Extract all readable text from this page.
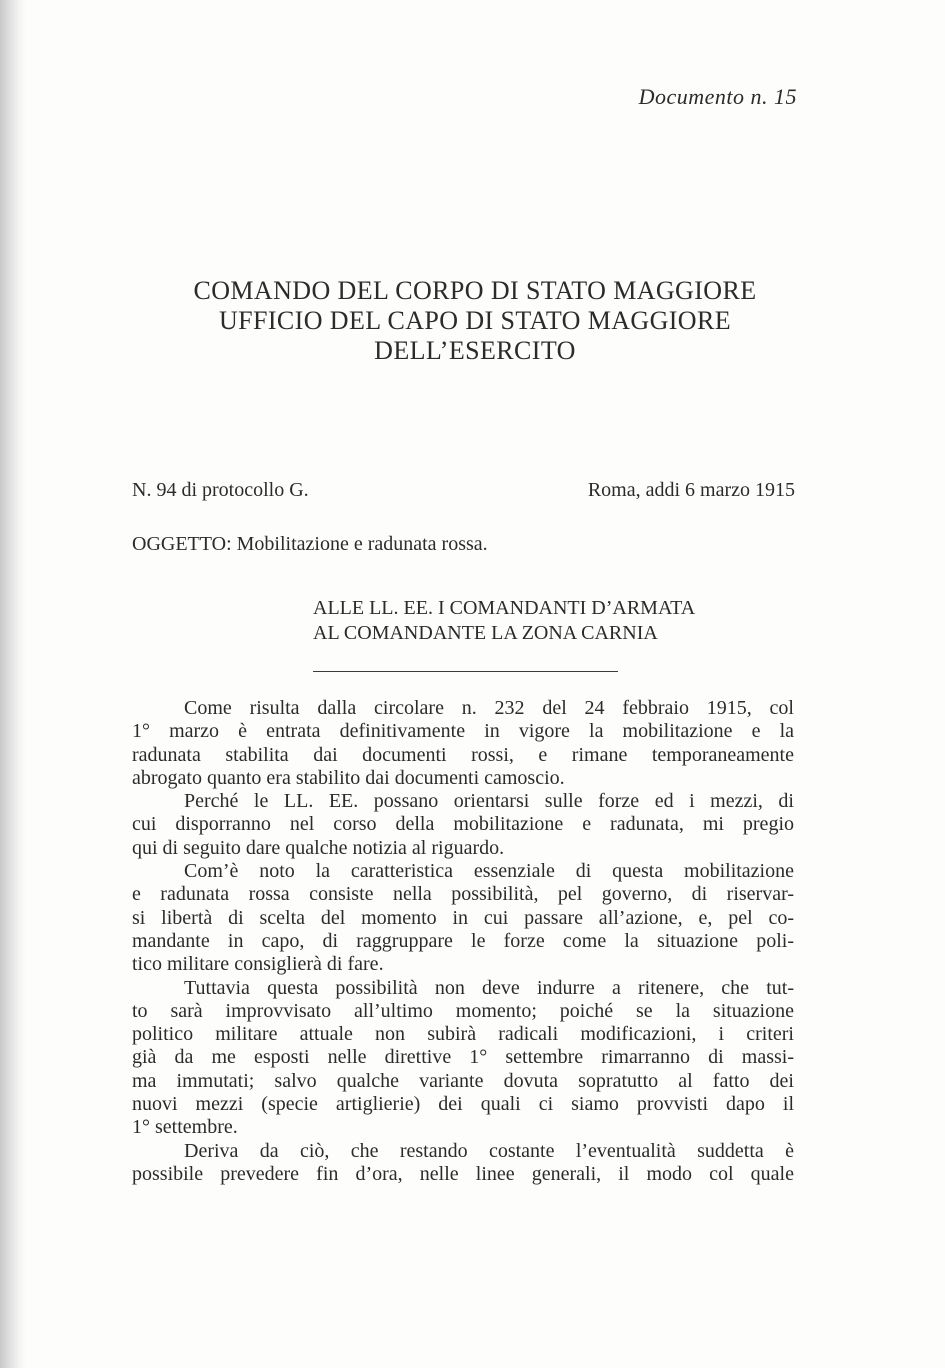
Documento n. 15
COMANDO DEL CORPO DI STATO MAGGIORE
UFFICIO DEL CAPO DI STATO MAGGIORE
DELL’ESERCITO
N. 94 di protocollo G.	Roma, addi 6 marzo 1915
OGGETTO: Mobilitazione e radunata rossa.
ALLE LL. EE. I COMANDANTI D’ARMATA
AL COMANDANTE LA ZONA CARNIA
Come risulta dalla circolare n. 232 del 24 febbraio 1915, col
1° marzo è entrata definitivamente in vigore la mobilitazione e la
radunata stabilita dai documenti rossi, e rimane temporaneamente
abrogato quanto era stabilito dai documenti camoscio.
Perché le LL. EE. possano orientarsi sulle forze ed i mezzi, di
cui disporranno nel corso della mobilitazione e radunata, mi pregio
qui di seguito dare qualche notizia al riguardo.
Com’è noto la caratteristica essenziale di questa mobilitazione
e radunata rossa consiste nella possibilità, pel governo, di riservar-
si libertà di scelta del momento in cui passare all’azione, e, pel co-
mandante in capo, di raggruppare le forze come la situazione poli-
tico militare consiglierà di fare.
Tuttavia questa possibilità non deve indurre a ritenere, che tut-
to sarà improvvisato all’ultimo momento; poiché se la situazione
politico militare attuale non subirà radicali modificazioni, i criteri
già da me esposti nelle direttive 1° settembre rimarranno di massi-
ma immutati; salvo qualche variante dovuta sopratutto al fatto dei
nuovi mezzi (specie artiglierie) dei quali ci siamo provvisti dapo il
1° settembre.
Deriva da ciò, che restando costante l’eventualità suddetta è
possibile prevedere fin d’ora, nelle linee generali, il modo col quale
